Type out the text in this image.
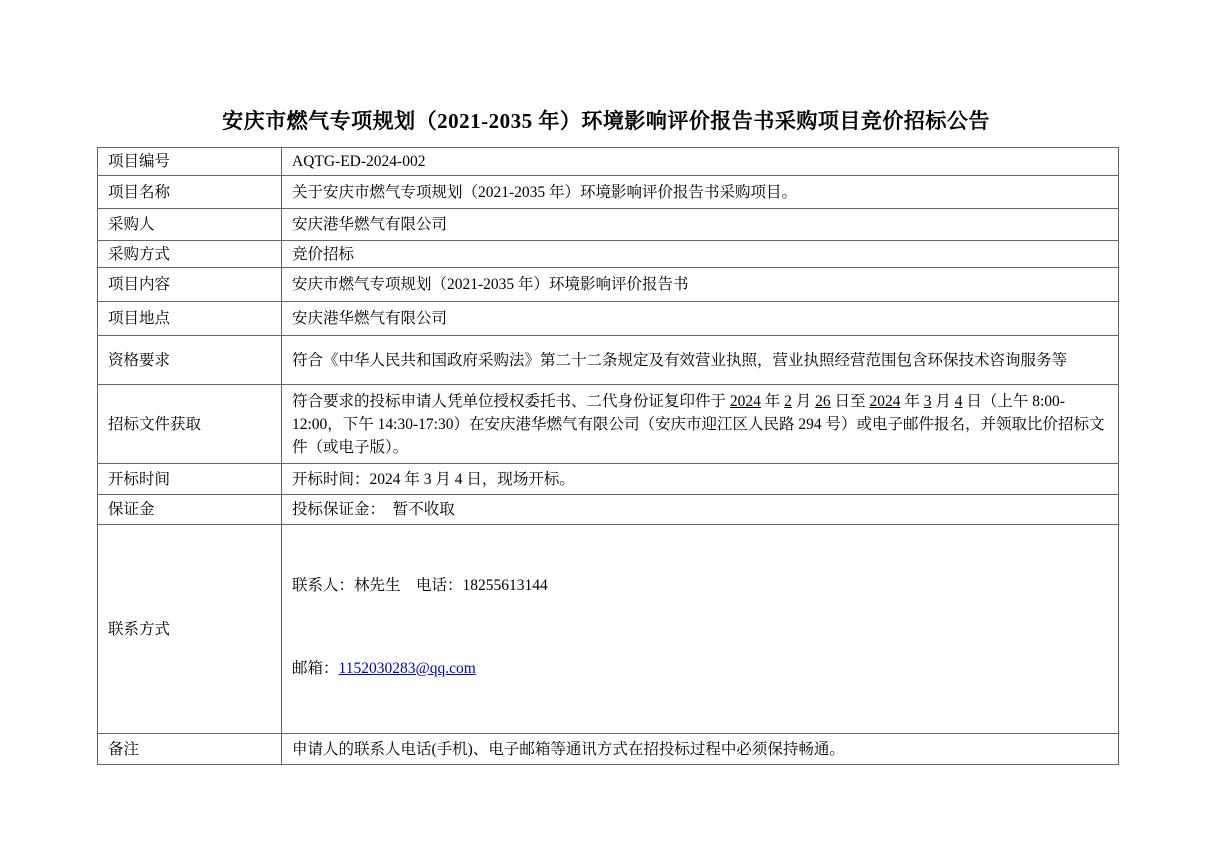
安庆市燃气专项规划（2021-2035 年）环境影响评价报告书采购项目竞价招标公告
项目编号	AQTG-ED-2024-002
项目名称	关于安庆市燃气专项规划（2021-2035 年）环境影响评价报告书采购项目。
采购人	安庆港华燃气有限公司
采购方式	竞价招标
项目内容	安庆市燃气专项规划（2021-2035 年）环境影响评价报告书
项目地点	安庆港华燃气有限公司
资格要求	符合《中华人民共和国政府采购法》第二十二条规定及有效营业执照，营业执照经营范围包含环保技术咨询服务等
招标文件获取	符合要求的投标申请人凭单位授权委托书、二代身份证复印件于 2024 年 2 月 26 日至 2024 年 3 月 4 日（上午 8:00-12:00，下午 14:30-17:30）在安庆港华燃气有限公司（安庆市迎江区人民路 294 号）或电子邮件报名，并领取比价招标文件（或电子版）。
开标时间	开标时间：2024 年 3 月 4 日，现场开标。
保证金	投标保证金：　暂不收取
联系方式	联系人：林先生　电话：18255613144

邮箱：1152030283@qq.com

备注	申请人的联系人电话(手机)、电子邮箱等通讯方式在招投标过程中必须保持畅通。
